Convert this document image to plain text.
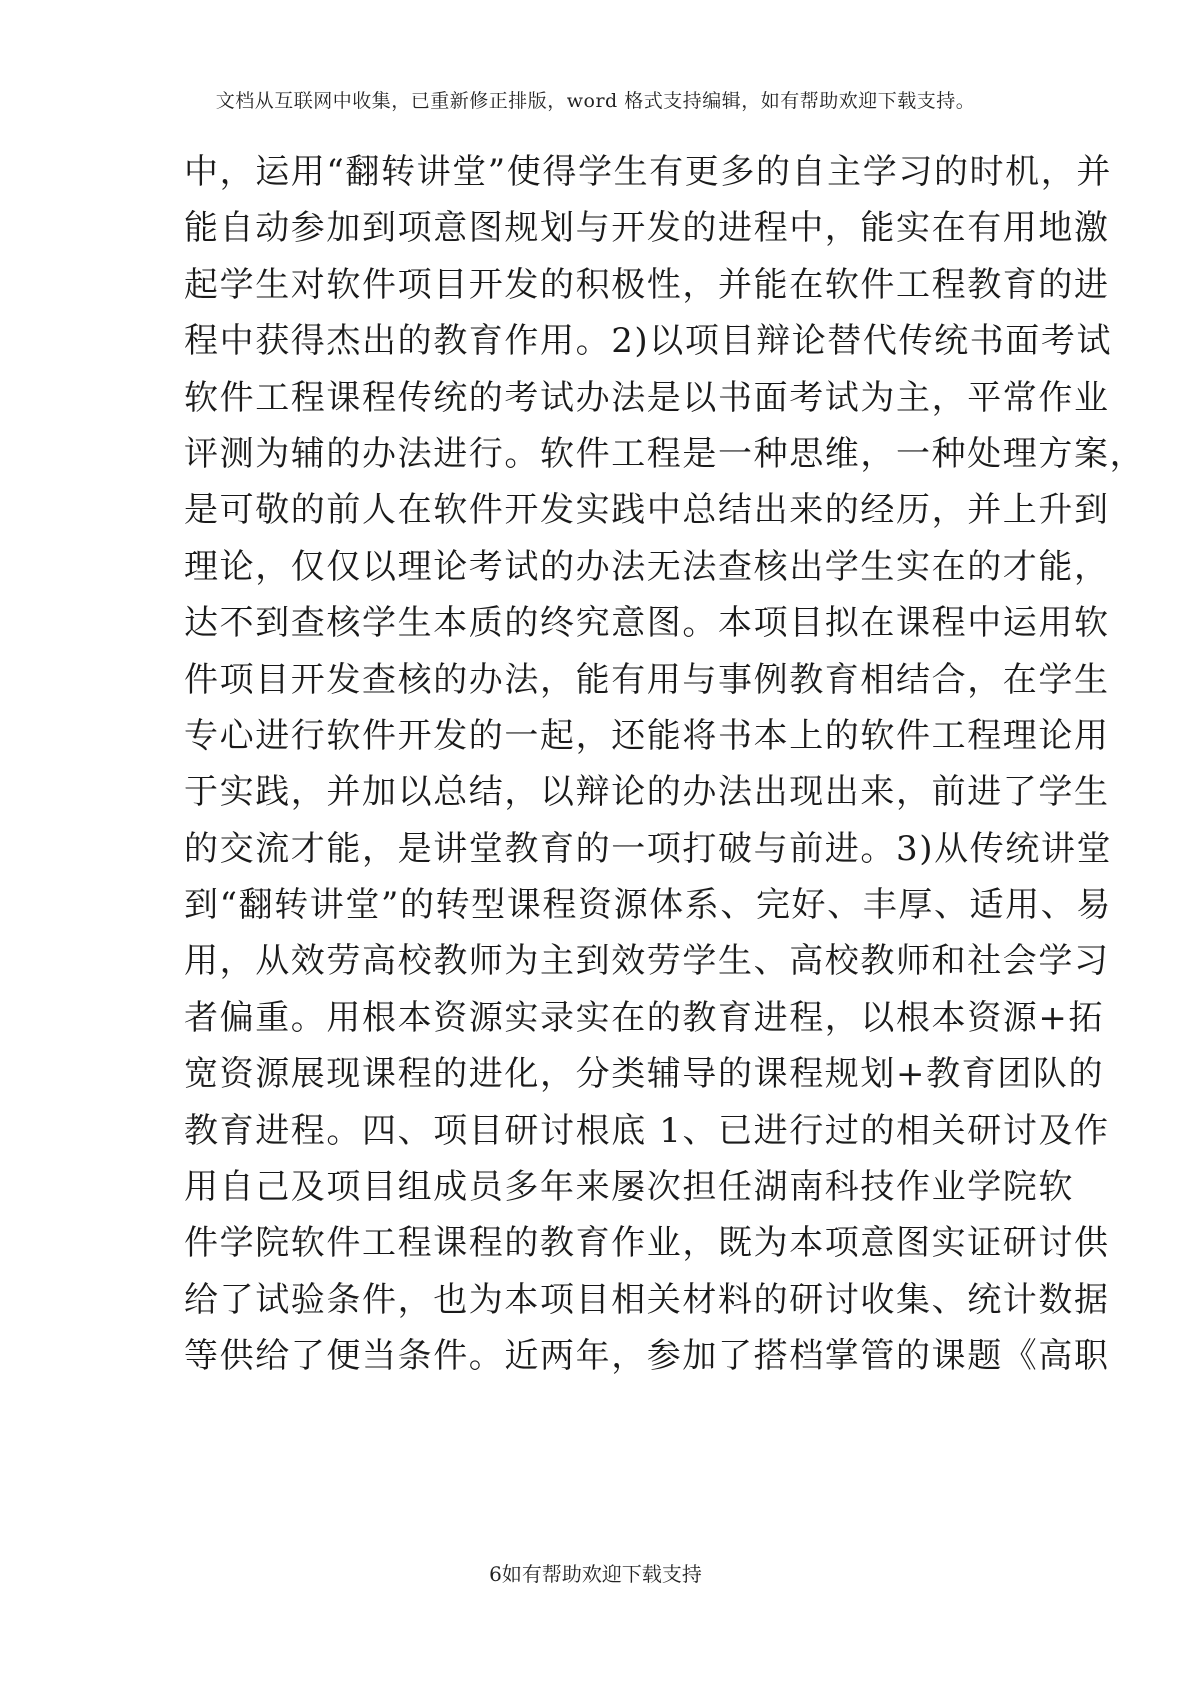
文档从互联网中收集，已重新修正排版，word 格式支持编辑，如有帮助欢迎下载支持。
中，运用“翻转讲堂”使得学生有更多的自主学习的时机，并
能自动参加到项意图规划与开发的进程中，能实在有用地激
起学生对软件项目开发的积极性，并能在软件工程教育的进
程中获得杰出的教育作用。2)以项目辩论替代传统书面考试
软件工程课程传统的考试办法是以书面考试为主，平常作业
评测为辅的办法进行。软件工程是一种思维，一种处理方案，
是可敬的前人在软件开发实践中总结出来的经历，并上升到
理论，仅仅以理论考试的办法无法查核出学生实在的才能，
达不到查核学生本质的终究意图。本项目拟在课程中运用软
件项目开发查核的办法，能有用与事例教育相结合，在学生
专心进行软件开发的一起，还能将书本上的软件工程理论用
于实践，并加以总结，以辩论的办法出现出来，前进了学生
的交流才能，是讲堂教育的一项打破与前进。3)从传统讲堂
到“翻转讲堂”的转型课程资源体系、完好、丰厚、适用、易
用，从效劳高校教师为主到效劳学生、高校教师和社会学习
者偏重。用根本资源实录实在的教育进程，以根本资源+拓
宽资源展现课程的进化，分类辅导的课程规划+教育团队的
教育进程。四、项目研讨根底 1、已进行过的相关研讨及作
用自己及项目组成员多年来屡次担任湖南科技作业学院软
件学院软件工程课程的教育作业，既为本项意图实证研讨供
给了试验条件，也为本项目相关材料的研讨收集、统计数据
等供给了便当条件。近两年，参加了搭档掌管的课题《高职
6如有帮助欢迎下载支持
